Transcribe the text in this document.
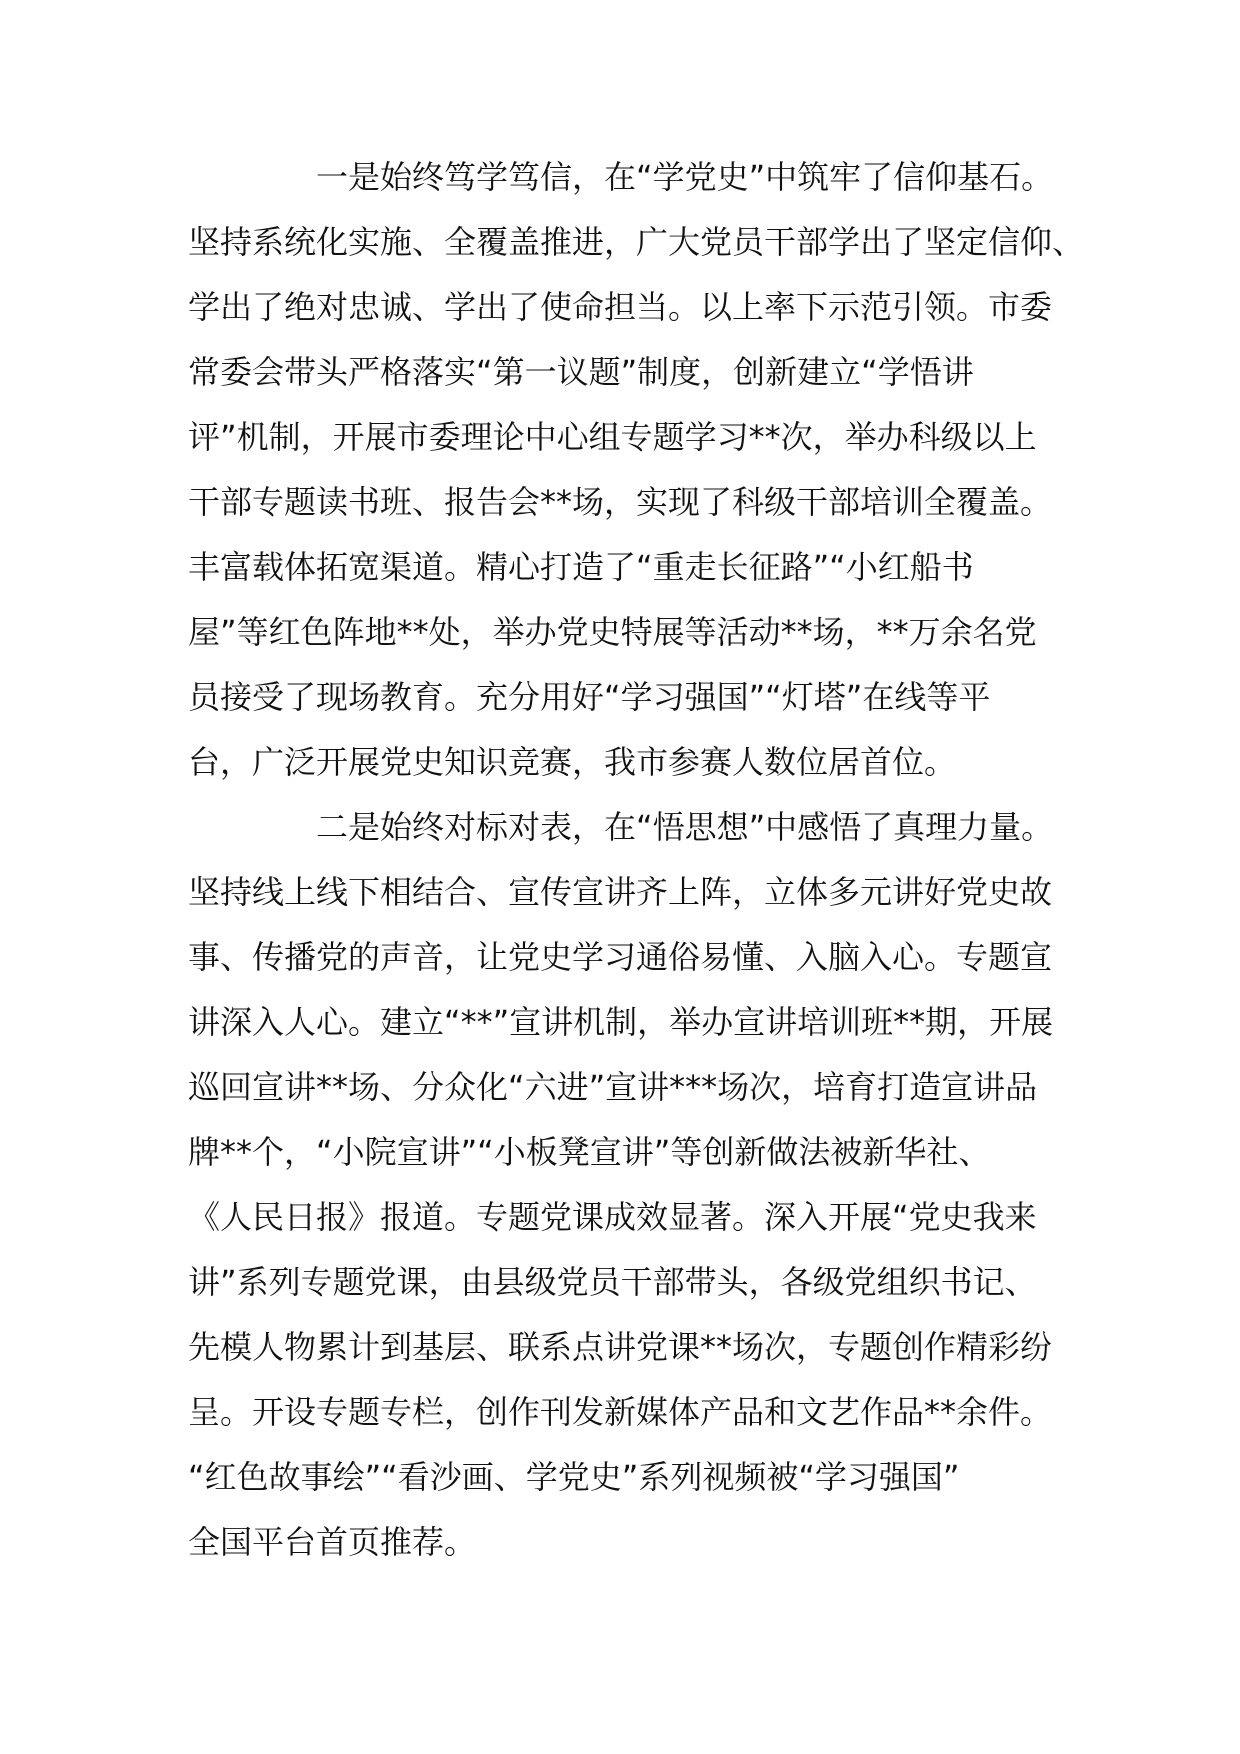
一是始终笃学笃信，在“学党史”中筑牢了信仰基石。
坚持系统化实施、全覆盖推进，广大党员干部学出了坚定信仰、
学出了绝对忠诚、学出了使命担当。以上率下示范引领。市委
常委会带头严格落实“第一议题”制度，创新建立“学悟讲
评”机制，开展市委理论中心组专题学习**次，举办科级以上
干部专题读书班、报告会**场，实现了科级干部培训全覆盖。
丰富载体拓宽渠道。精心打造了“重走长征路”“小红船书
屋”等红色阵地**处，举办党史特展等活动**场，**万余名党
员接受了现场教育。充分用好“学习强国”“灯塔”在线等平
台，广泛开展党史知识竞赛，我市参赛人数位居首位。
二是始终对标对表，在“悟思想”中感悟了真理力量。
坚持线上线下相结合、宣传宣讲齐上阵，立体多元讲好党史故
事、传播党的声音，让党史学习通俗易懂、入脑入心。专题宣
讲深入人心。建立“**”宣讲机制，举办宣讲培训班**期，开展
巡回宣讲**场、分众化“六进”宣讲***场次，培育打造宣讲品
牌**个，“小院宣讲”“小板凳宣讲”等创新做法被新华社、
《人民日报》报道。专题党课成效显著。深入开展“党史我来
讲”系列专题党课，由县级党员干部带头，各级党组织书记、
先模人物累计到基层、联系点讲党课**场次，专题创作精彩纷
呈。开设专题专栏，创作刊发新媒体产品和文艺作品**余件。
“红色故事绘”“看沙画、学党史”系列视频被“学习强国”
全国平台首页推荐。
